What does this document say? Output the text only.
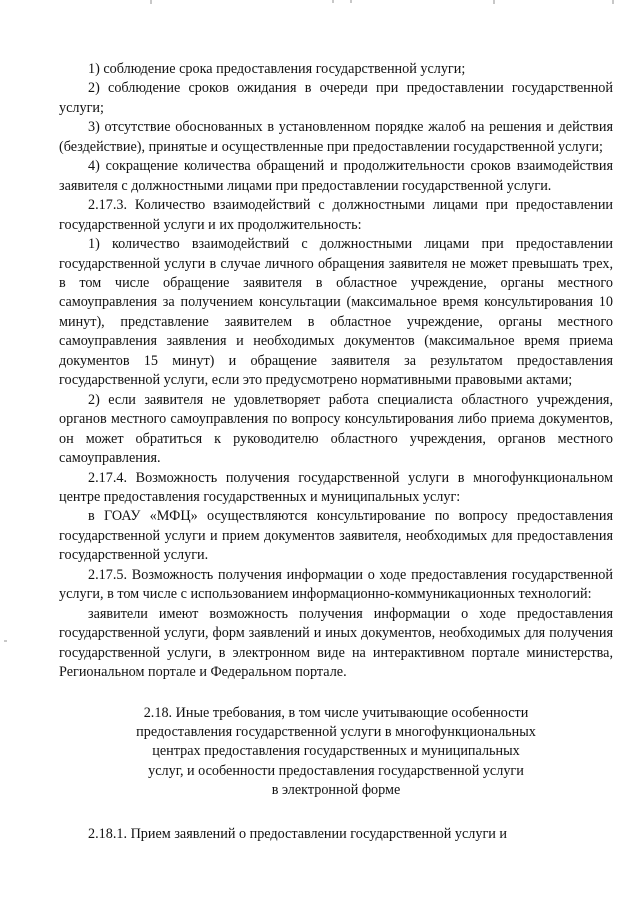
1) соблюдение срока предоставления государственной услуги;

2) соблюдение сроков ожидания в очереди при предоставлении государственной услуги;

3) отсутствие обоснованных в установленном порядке жалоб на решения и действия (бездействие), принятые и осуществленные при предоставлении государственной услуги;

4) сокращение количества обращений и продолжительности сроков взаимодействия заявителя с должностными лицами при предоставлении государственной услуги.

2.17.3. Количество взаимодействий с должностными лицами при предоставлении государственной услуги и их продолжительность:

1) количество взаимодействий с должностными лицами при предоставлении государственной услуги в случае личного обращения заявителя не может превышать трех, в том числе обращение заявителя в областное учреждение, органы местного самоуправления за получением консультации (максимальное время консультирования 10 минут), представление заявителем в областное учреждение, органы местного самоуправления заявления и необходимых документов (максимальное время приема документов 15 минут) и обращение заявителя за результатом предоставления государственной услуги, если это предусмотрено нормативными правовыми актами;

2) если заявителя не удовлетворяет работа специалиста областного учреждения, органов местного самоуправления по вопросу консультирования либо приема документов, он может обратиться к руководителю областного учреждения, органов местного самоуправления.

2.17.4. Возможность получения государственной услуги в многофункциональном центре предоставления государственных и муниципальных услуг:

в ГОАУ «МФЦ» осуществляются консультирование по вопросу предоставления государственной услуги и прием документов заявителя, необходимых для предоставления государственной услуги.

2.17.5. Возможность получения информации о ходе предоставления государственной услуги, в том числе с использованием информационно-коммуникационных технологий:

заявители имеют возможность получения информации о ходе предоставления государственной услуги, форм заявлений и иных документов, необходимых для получения государственной услуги, в электронном виде на интерактивном портале министерства, Региональном портале и Федеральном портале.

2.18. Иные требования, в том числе учитывающие особенности
предоставления государственной услуги в многофункциональных
центрах предоставления государственных и муниципальных
услуг, и особенности предоставления государственной услуги
в электронной форме

2.18.1. Прием заявлений о предоставлении государственной услуги и
